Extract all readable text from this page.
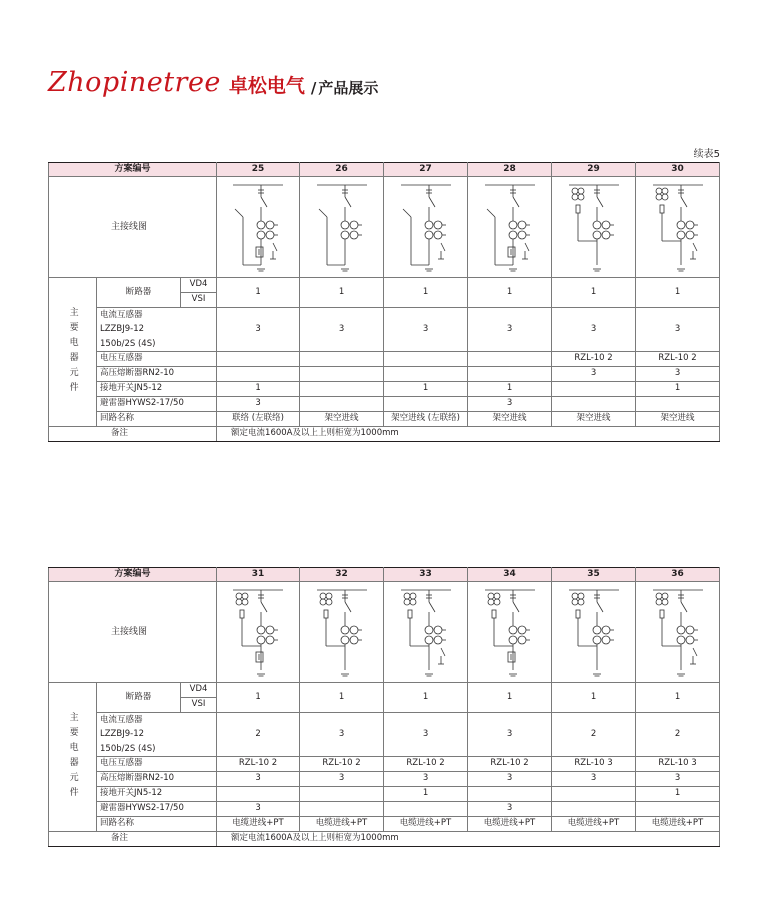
Zhopinetree 卓松电气 / 产品展示
续表5
方案编号			25	26	27	28	29	30
主接线图	

主要电器元件	断路器	VD4	1	1	1	1	1	1
		VSI						

	电流互感器
LZZBJ9-12
150b/2S (4S)		3	3	3	3	3	3
	电压互感器						RZL-10 2	RZL-10 2
	高压熔断器RN2-10						3	3
	接地开关JN5-12		1		1	1		1
	避雷器HYWS2-17/50		3			3		
	回路名称		联络 (左联络)	架空进线	架空进线 (左联络)	架空进线	架空进线	架空进线
备注			额定电流1600A及以上上则柜宽为1000mm					
方案编号			31	32	33	34	35	36
主接线图	

主要电器元件	断路器	VD4	1	1	1	1	1	1
		VSI						

	电流互感器
LZZBJ9-12
150b/2S (4S)		2	3	3	3	2	2
	电压互感器		RZL-10 2	RZL-10 2	RZL-10 2	RZL-10 2	RZL-10 3	RZL-10 3
	高压熔断器RN2-10		3	3	3	3	3	3
	接地开关JN5-12				1			1
	避雷器HYWS2-17/50		3			3		
	回路名称		电缆进线+PT	电缆进线+PT	电缆进线+PT	电缆进线+PT	电缆进线+PT	电缆进线+PT
备注			额定电流1600A及以上上则柜宽为1000mm					
